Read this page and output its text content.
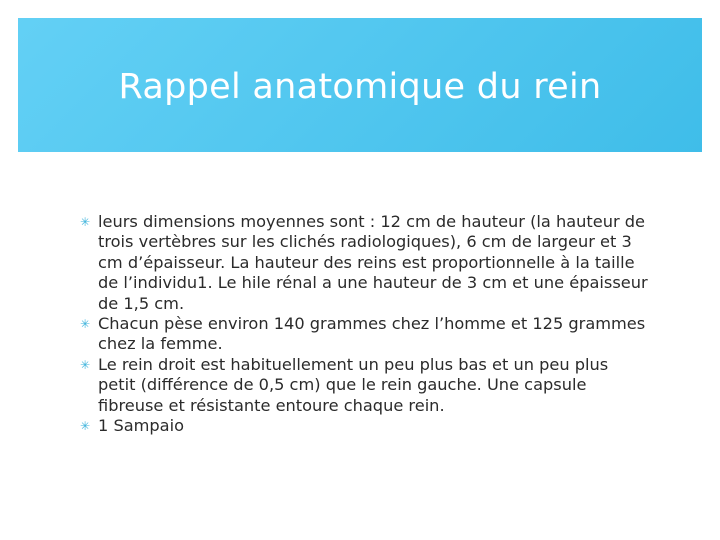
Rappel anatomique du rein
✳ leurs dimensions moyennes sont : 12 cm de hauteur (la hauteur de trois vertèbres sur les clichés radiologiques), 6 cm de largeur et 3 cm d’épaisseur. La hauteur des reins est proportionnelle à la taille de l’individu1. Le hile rénal a une hauteur de 3 cm et une épaisseur de 1,5 cm.
✳ Chacun pèse environ 140 grammes chez l’homme et 125 grammes chez la femme.
✳ Le rein droit est habituellement un peu plus bas et un peu plus petit (différence de 0,5 cm) que le rein gauche. Une capsule fibreuse et résistante entoure chaque rein.
✳ 1 Sampaio
